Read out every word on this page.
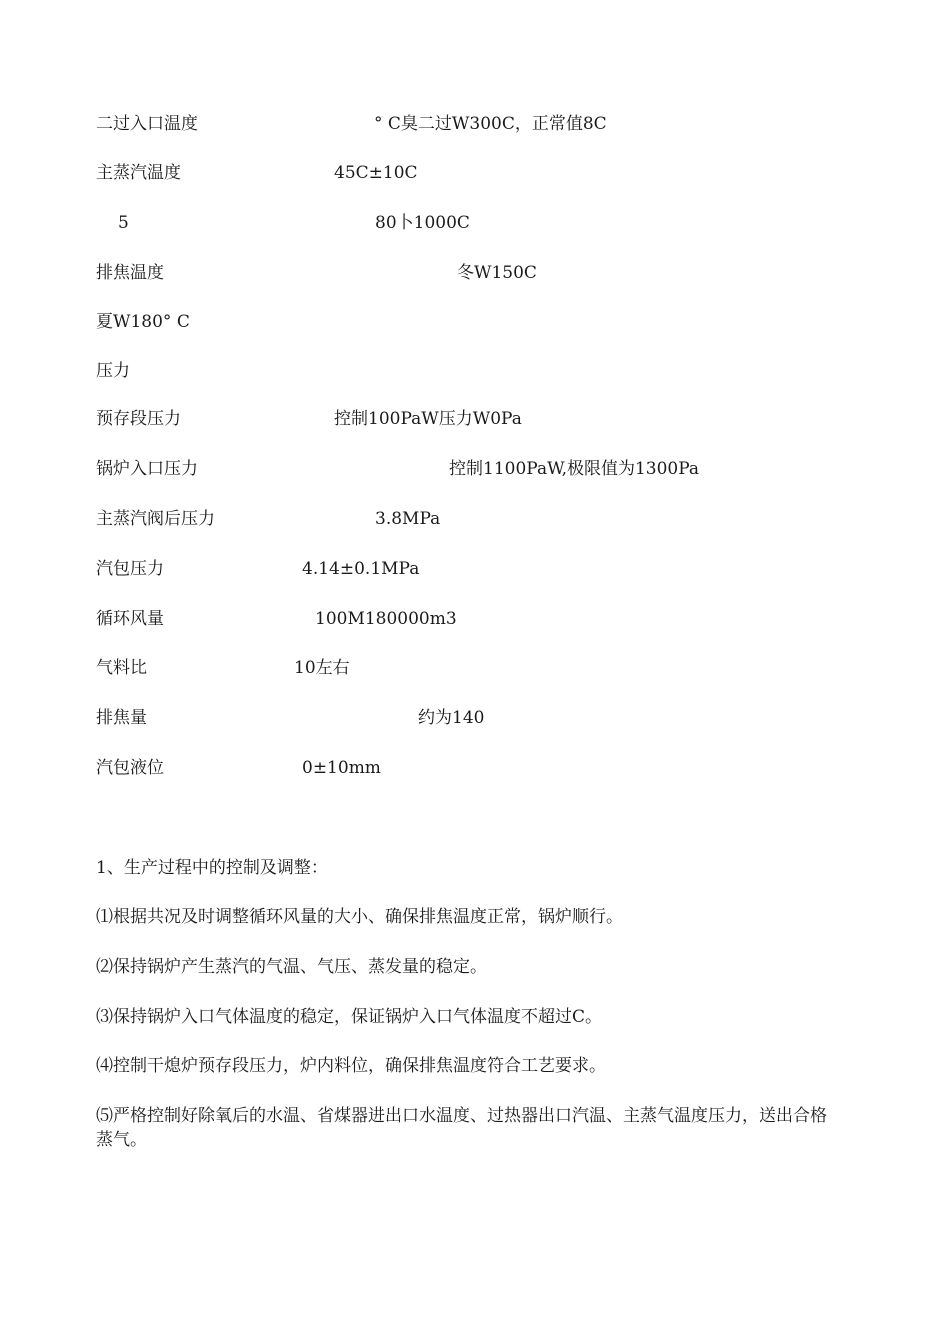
二过入口温度	° C臭二过W300C，正常值8C
主蒸汽温度	45C±10C
5	80卜1000C
排焦温度	冬W150C
夏W180° C
压力
预存段压力	控制100PaW压力W0Pa
锅炉入口压力	控制1100PaW,极限值为1300Pa
主蒸汽阀后压力	3.8MPa
汽包压力	4.14±0.1MPa
循环风量	100M180000m3
气料比	10左右
排焦量	约为140
汽包液位	0±10mm
1、生产过程中的控制及调整：
⑴根据共况及时调整循环风量的大小、确保排焦温度正常，锅炉顺行。
⑵保持锅炉产生蒸汽的气温、气压、蒸发量的稳定。
⑶保持锅炉入口气体温度的稳定，保证锅炉入口气体温度不超过C。
⑷控制干熄炉预存段压力，炉内料位，确保排焦温度符合工艺要求。
⑸严格控制好除氧后的水温、省煤器进出口水温度、过热器出口汽温、主蒸气温度压力，送出合格蒸气。
